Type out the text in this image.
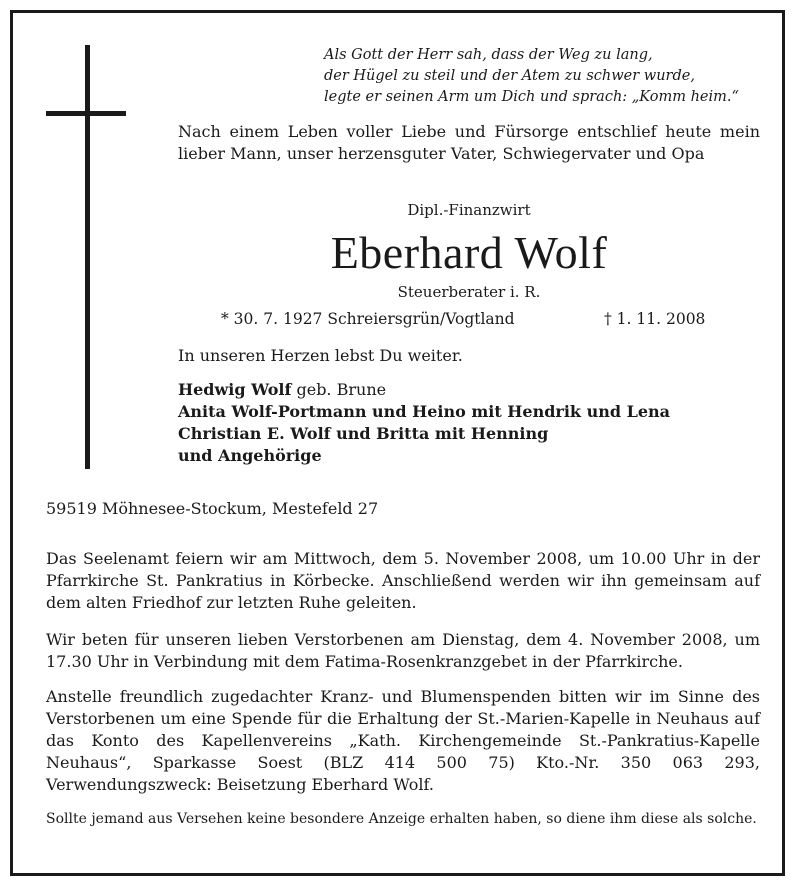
Als Gott der Herr sah, dass der Weg zu lang,
der Hügel zu steil und der Atem zu schwer wurde,
legte er seinen Arm um Dich und sprach: „Komm heim.“
Nach einem Leben voller Liebe und Fürsorge entschlief heute mein lieber Mann, unser herzensguter Vater, Schwiegervater und Opa
Dipl.-Finanzwirt
Eberhard Wolf
Steuerberater i. R.
* 30. 7. 1927 Schreiersgrün/Vogtland	† 1. 11. 2008
In unseren Herzen lebst Du weiter.
Hedwig Wolf geb. Brune
Anita Wolf-Portmann und Heino mit Hendrik und Lena
Christian E. Wolf und Britta mit Henning
und Angehörige
59519 Möhnesee-Stockum, Mestefeld 27
Das Seelenamt feiern wir am Mittwoch, dem 5. November 2008, um 10.00 Uhr in der Pfarrkirche St. Pankratius in Körbecke. Anschließend werden wir ihn gemeinsam auf dem alten Friedhof zur letzten Ruhe geleiten.
Wir beten für unseren lieben Verstorbenen am Dienstag, dem 4. November 2008, um 17.30 Uhr in Verbindung mit dem Fatima-Rosenkranzgebet in der Pfarrkirche.
Anstelle freundlich zugedachter Kranz- und Blumenspenden bitten wir im Sinne des Verstorbenen um eine Spende für die Erhaltung der St.-Marien-Kapelle in Neuhaus auf das Konto des Kapellenvereins „Kath. Kirchengemeinde St.-Pankratius-Kapelle Neuhaus“, Sparkasse Soest (BLZ 414 500 75) Kto.-Nr. 350 063 293, Verwendungszweck: Beisetzung Eberhard Wolf.
Sollte jemand aus Versehen keine besondere Anzeige erhalten haben, so diene ihm diese als solche.
